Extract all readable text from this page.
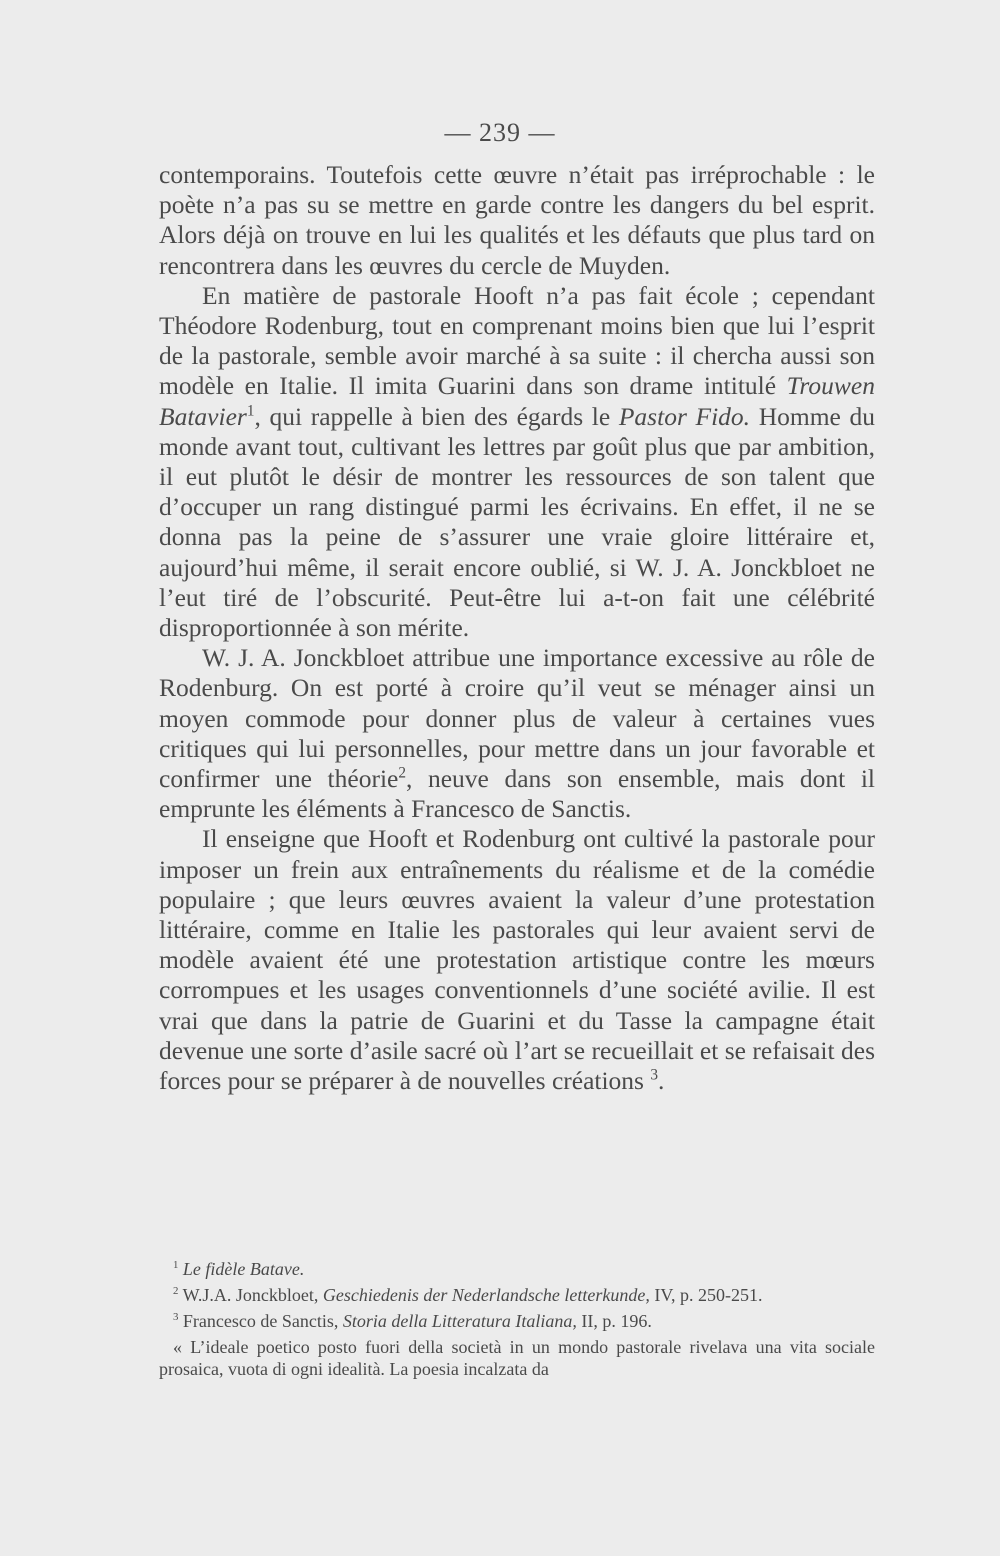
— 239 —

contemporains. Toutefois cette œuvre n’était pas irréprochable : le poète n’a pas su se mettre en garde contre les dangers du bel esprit. Alors déjà on trouve en lui les qualités et les défauts que plus tard on rencontrera dans les œuvres du cercle de Muyden.

En matière de pastorale Hooft n’a pas fait école ; cependant Théodore Rodenburg, tout en comprenant moins bien que lui l’esprit de la pastorale, semble avoir marché à sa suite : il chercha aussi son modèle en Italie. Il imita Guarini dans son drame intitulé Trouwen Batavier$^1$, qui rappelle à bien des égards le Pastor Fido. Homme du monde avant tout, cultivant les lettres par goût plus que par ambition, il eut plutôt le désir de montrer les ressources de son talent que d’occuper un rang distingué parmi les écrivains. En effet, il ne se donna pas la peine de s’assurer une vraie gloire littéraire et, aujourd’hui même, il serait encore oublié, si W. J. A. Jonckbloet ne l’eut tiré de l’obscurité. Peut-être lui a-t-on fait une célébrité disproportionnée à son mérite.

W. J. A. Jonckbloet attribue une importance excessive au rôle de Rodenburg. On est porté à croire qu’il veut se ménager ainsi un moyen commode pour donner plus de valeur à certaines vues critiques qui lui personnelles, pour mettre dans un jour favorable et confirmer une théorie$^2$, neuve dans son ensemble, mais dont il emprunte les éléments à Francesco de Sanctis.

Il enseigne que Hooft et Rodenburg ont cultivé la pastorale pour imposer un frein aux entraînements du réalisme et de la comédie populaire ; que leurs œuvres avaient la valeur d’une protestation littéraire, comme en Italie les pastorales qui leur avaient servi de modèle avaient été une protestation artistique contre les mœurs corrompues et les usages conventionnels d’une société avilie. Il est vrai que dans la patrie de Guarini et du Tasse la campagne était devenue une sorte d’asile sacré où l’art se recueillait et se refaisait des forces pour se préparer à de nouvelles créations $^3$.

$^1$ Le fidèle Batave.

$^2$ W.J.A. Jonckbloet, Geschiedenis der Nederlandsche letterkunde, IV, p. 250-251.

$^3$ Francesco de Sanctis, Storia della Litteratura Italiana, II, p. 196.

« L’ideale poetico posto fuori della società in un mondo pastorale rivelava una vita sociale prosaica, vuota di ogni idealità. La poesia incalzata da
